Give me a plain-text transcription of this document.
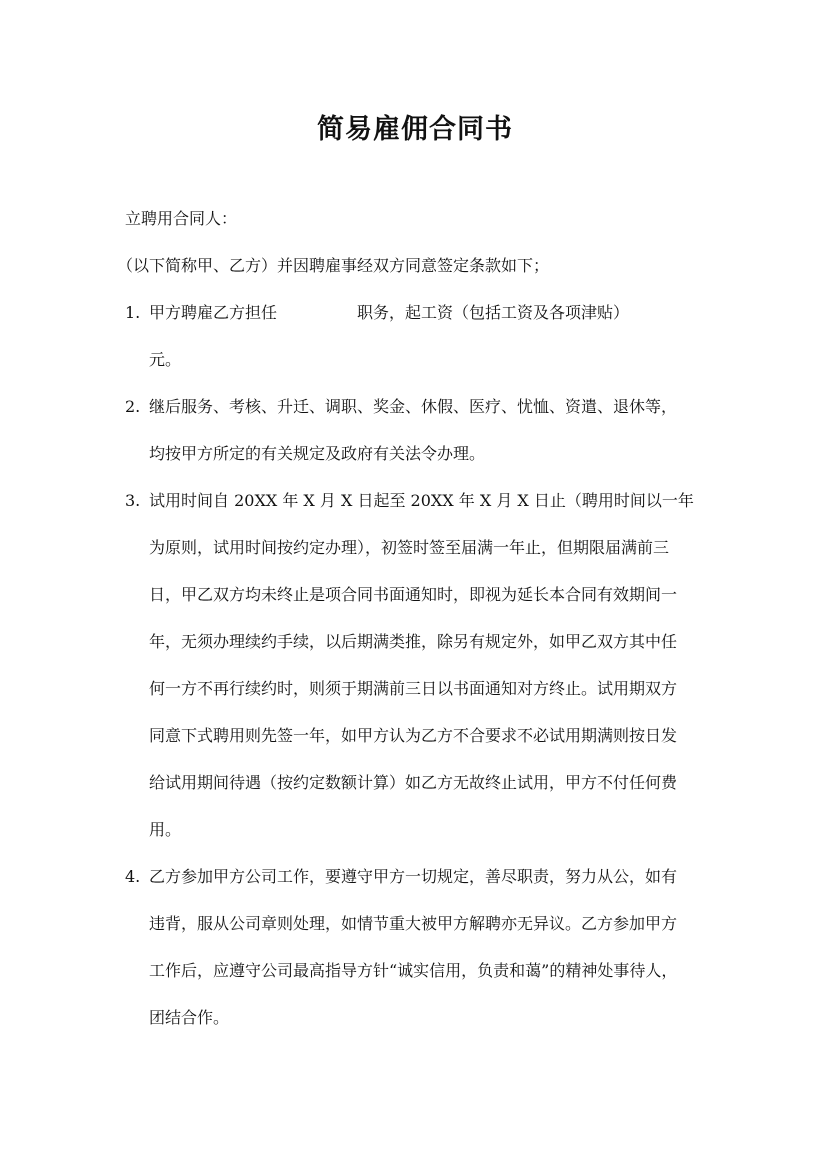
简易雇佣合同书
立聘用合同人：
（以下简称甲、乙方）并因聘雇事经双方同意签定条款如下；
1. 甲方聘雇乙方担任　　　　　职务，起工资（包括工资及各项津贴）
元。
2. 继后服务、考核、升迁、调职、奖金、休假、医疗、忧恤、资遣、退休等，
均按甲方所定的有关规定及政府有关法令办理。
3. 试用时间自 20XX 年 X 月 X 日起至 20XX 年 X 月 X 日止（聘用时间以一年
为原则，试用时间按约定办理），初签时签至届满一年止，但期限届满前三
日，甲乙双方均未终止是项合同书面通知时，即视为延长本合同有效期间一
年，无须办理续约手续，以后期满类推，除另有规定外，如甲乙双方其中任
何一方不再行续约时，则须于期满前三日以书面通知对方终止。试用期双方
同意下式聘用则先签一年，如甲方认为乙方不合要求不必试用期满则按日发
给试用期间待遇（按约定数额计算）如乙方无故终止试用，甲方不付任何费
用。
4. 乙方参加甲方公司工作，要遵守甲方一切规定，善尽职责，努力从公，如有
违背，服从公司章则处理，如情节重大被甲方解聘亦无异议。乙方参加甲方
工作后，应遵守公司最高指导方针“诚实信用，负责和蔼”的精神处事待人，
团结合作。
